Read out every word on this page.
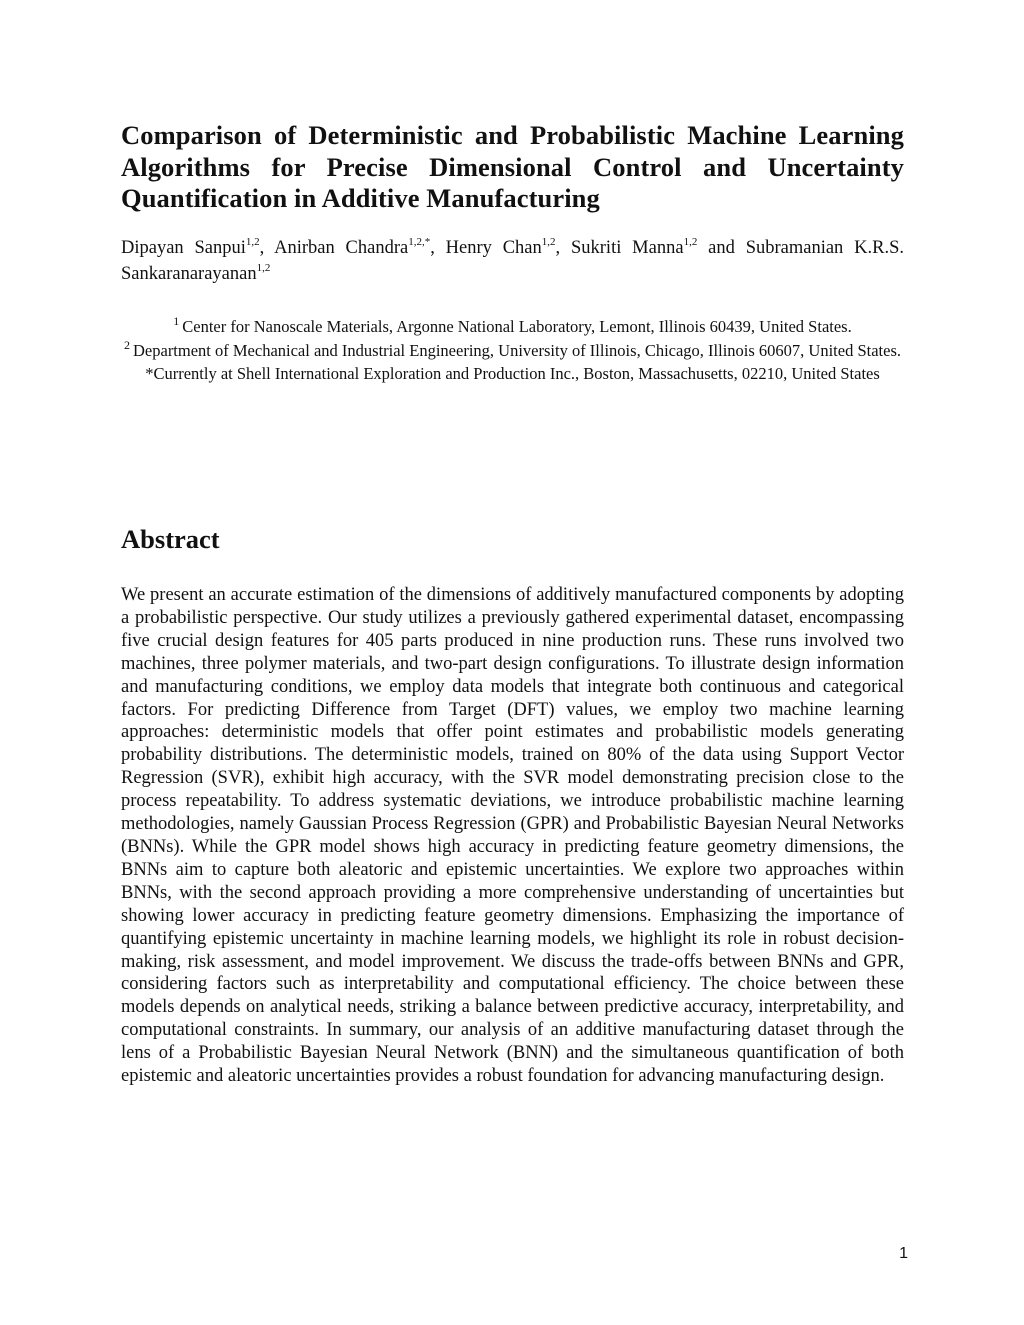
Comparison of Deterministic and Probabilistic Machine Learning Algorithms for Precise Dimensional Control and Uncertainty Quantification in Additive Manufacturing

Dipayan Sanpui$^{1,2}$, Anirban Chandra$^{1,2,*}$, Henry Chan$^{1,2}$, Sukriti Manna$^{1,2}$ and Subramanian K.R.S. Sankaranarayanan$^{1,2}$

$^1$ Center for Nanoscale Materials, Argonne National Laboratory, Lemont, Illinois 60439, United States.

$^2$ Department of Mechanical and Industrial Engineering, University of Illinois, Chicago, Illinois 60607, United States.

*Currently at Shell International Exploration and Production Inc., Boston, Massachusetts, 02210, United States

Abstract

We present an accurate estimation of the dimensions of additively manufactured components by adopting a probabilistic perspective. Our study utilizes a previously gathered experimental dataset, encompassing five crucial design features for 405 parts produced in nine production runs. These runs involved two machines, three polymer materials, and two-part design configurations. To illustrate design information and manufacturing conditions, we employ data models that integrate both continuous and categorical factors. For predicting Difference from Target (DFT) values, we employ two machine learning approaches: deterministic models that offer point estimates and probabilistic models generating probability distributions. The deterministic models, trained on 80% of the data using Support Vector Regression (SVR), exhibit high accuracy, with the SVR model demonstrating precision close to the process repeatability. To address systematic deviations, we introduce probabilistic machine learning methodologies, namely Gaussian Process Regression (GPR) and Probabilistic Bayesian Neural Networks (BNNs). While the GPR model shows high accuracy in predicting feature geometry dimensions, the BNNs aim to capture both aleatoric and epistemic uncertainties. We explore two approaches within BNNs, with the second approach providing a more comprehensive understanding of uncertainties but showing lower accuracy in predicting feature geometry dimensions. Emphasizing the importance of quantifying epistemic uncertainty in machine learning models, we highlight its role in robust decision-making, risk assessment, and model improvement. We discuss the trade-offs between BNNs and GPR, considering factors such as interpretability and computational efficiency. The choice between these models depends on analytical needs, striking a balance between predictive accuracy, interpretability, and computational constraints. In summary, our analysis of an additive manufacturing dataset through the lens of a Probabilistic Bayesian Neural Network (BNN) and the simultaneous quantification of both epistemic and aleatoric uncertainties provides a robust foundation for advancing manufacturing design.

1
